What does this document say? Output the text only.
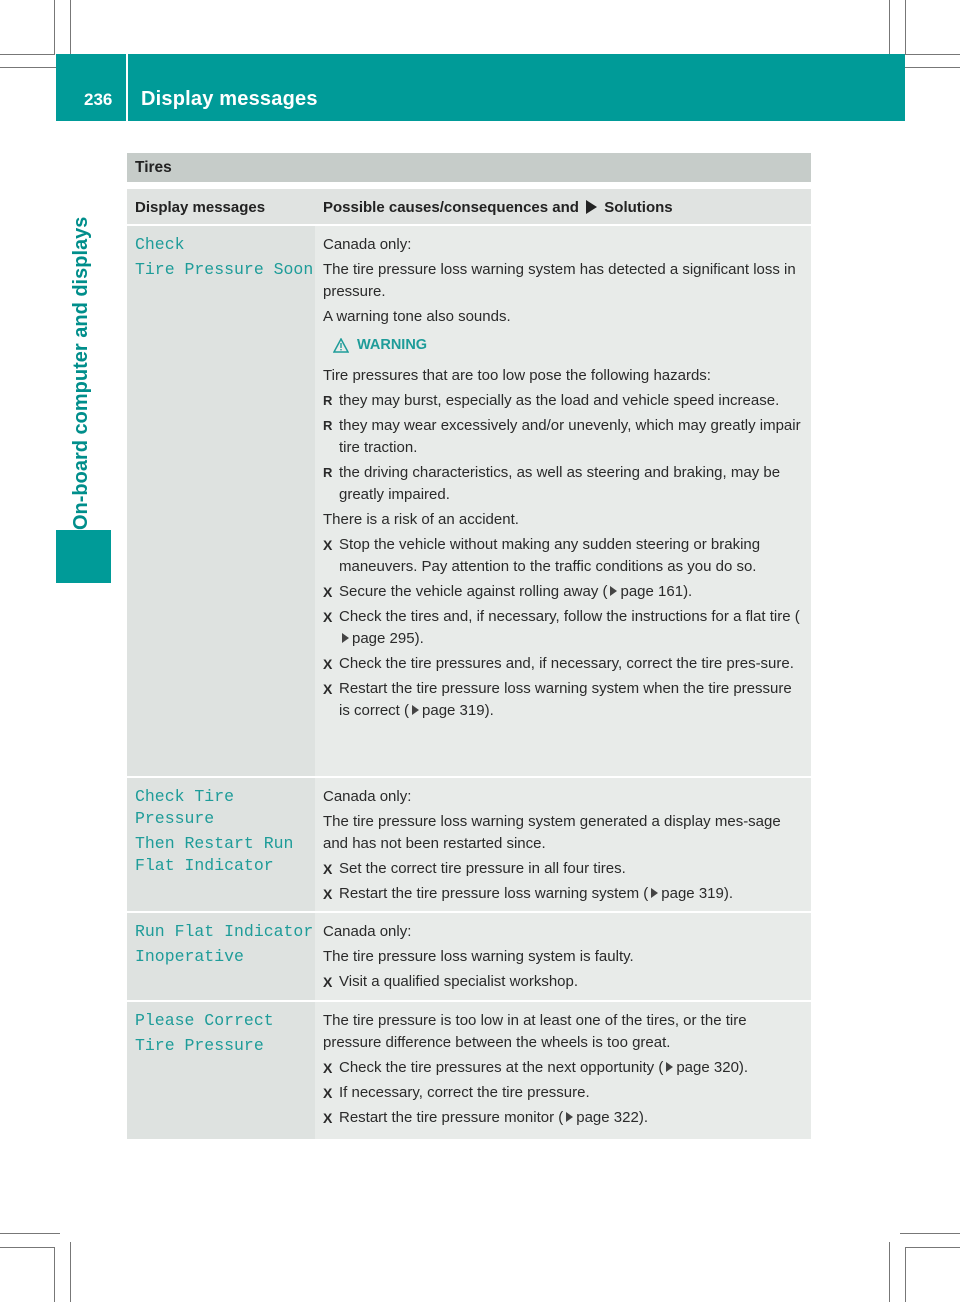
236 Display messages
On-board computer and displays
Tires
Display messages	Possible causes/consequences and Solutions
Check
Tire Pressure Soon
Canada only:
The tire pressure loss warning system has detected a significant loss in pressure.
A warning tone also sounds.
WARNING
Tire pressures that are too low pose the following hazards:
R they may burst, especially as the load and vehicle speed increase.
R they may wear excessively and/or unevenly, which may greatly impair tire traction.
R the driving characteristics, as well as steering and braking, may be greatly impaired.
There is a risk of an accident.
X Stop the vehicle without making any sudden steering or braking maneuvers. Pay attention to the traffic conditions as you do so.
X Secure the vehicle against rolling away ( page 161).
X Check the tires and, if necessary, follow the instructions for a flat tire (page 295).
X Check the tire pressures and, if necessary, correct the tire pres-sure.
X Restart the tire pressure loss warning system when the tire pressure is correct ( page 319).
Check Tire Pressure
Then Restart Run
Flat Indicator
Canada only:
The tire pressure loss warning system generated a display mes-sage and has not been restarted since.
X Set the correct tire pressure in all four tires.
X Restart the tire pressure loss warning system ( page 319).
Run Flat Indicator
Inoperative
Canada only:
The tire pressure loss warning system is faulty.
X Visit a qualified specialist workshop.
Please Correct
Tire Pressure
The tire pressure is too low in at least one of the tires, or the tire pressure difference between the wheels is too great.
X Check the tire pressures at the next opportunity ( page 320).
X If necessary, correct the tire pressure.
X Restart the tire pressure monitor ( page 322).
